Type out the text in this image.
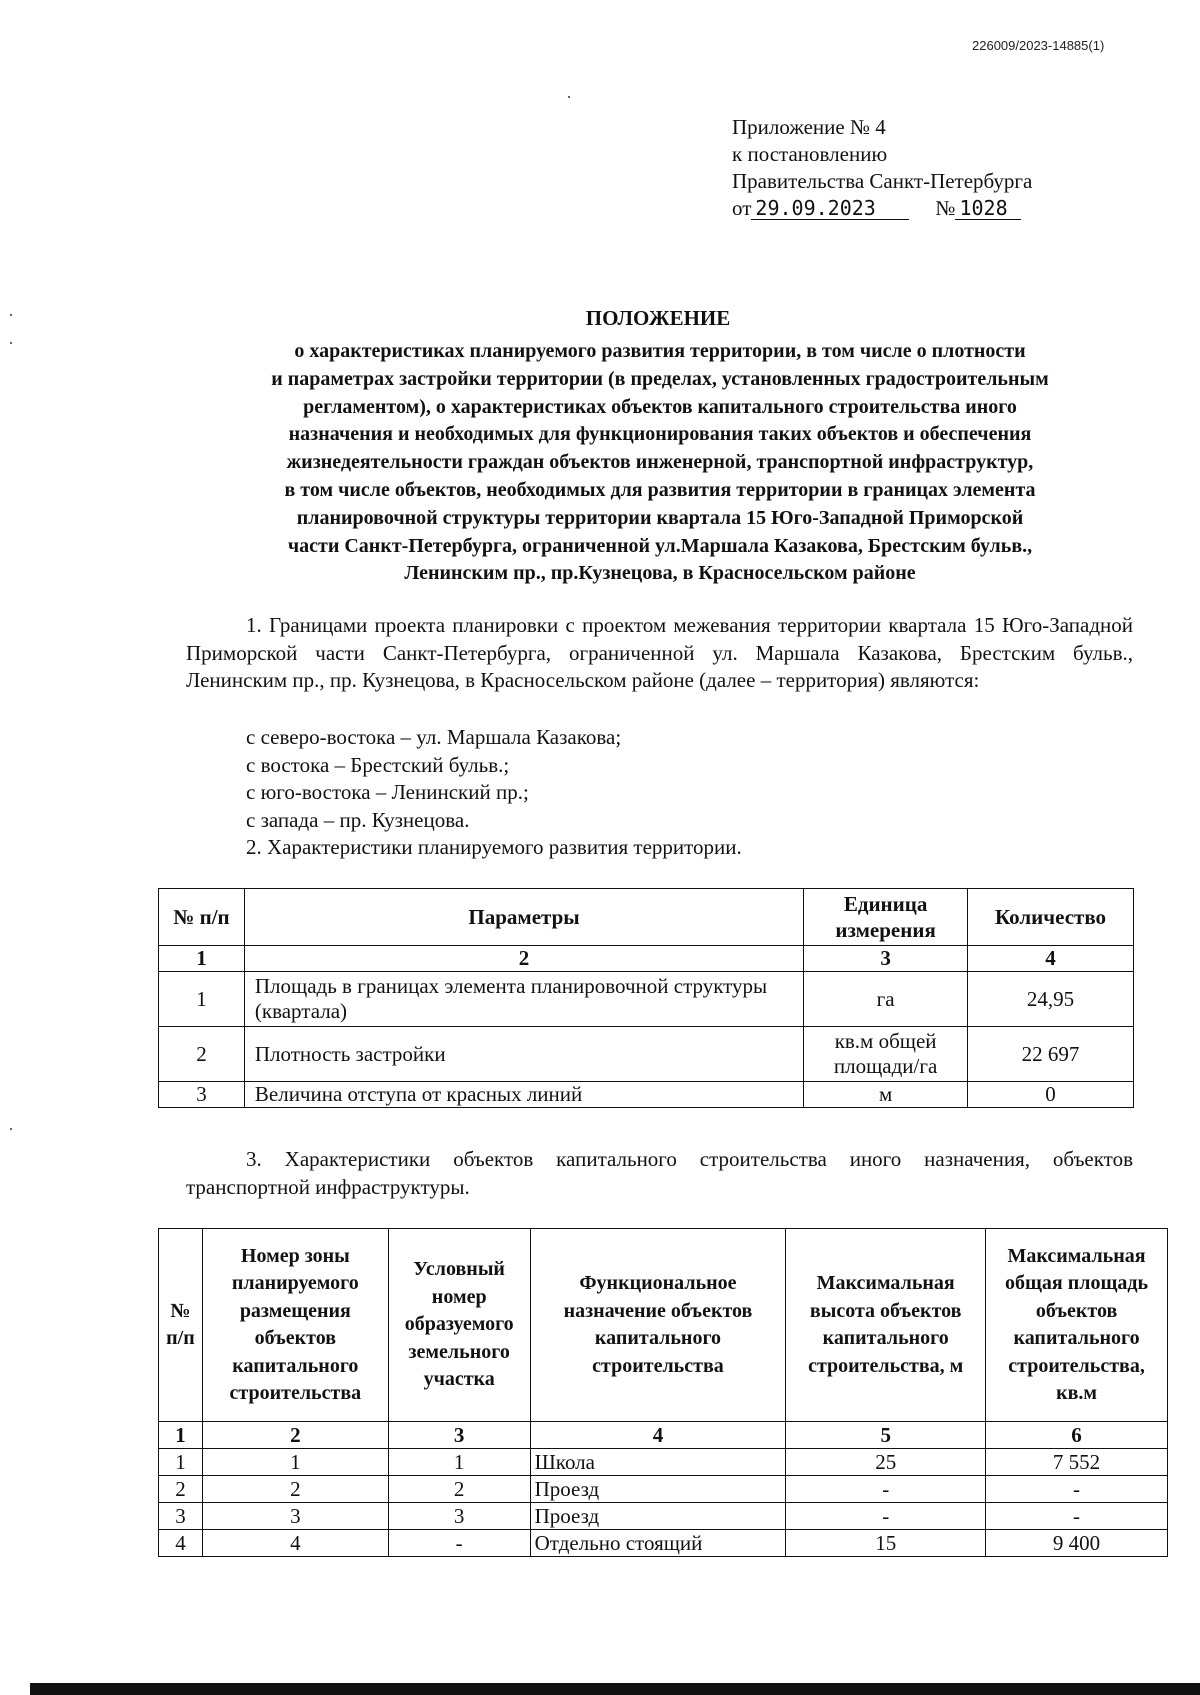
226009/2023-14885(1)
Приложение № 4
к постановлению
Правительства Санкт-Петербурга
от 29.09.2023	№ 1028
ПОЛОЖЕНИЕ
о характеристиках планируемого развития территории, в том числе о плотности
и параметрах застройки территории (в пределах, установленных градостроительным
регламентом), о характеристиках объектов капитального строительства иного
назначения и необходимых для функционирования таких объектов и обеспечения
жизнедеятельности граждан объектов инженерной, транспортной инфраструктур,
в том числе объектов, необходимых для развития территории в границах элемента
планировочной структуры территории квартала 15 Юго-Западной Приморской
части Санкт-Петербурга, ограниченной ул.Маршала Казакова, Брестским бульв.,
Ленинским пр., пр.Кузнецова, в Красносельском районе
1. Границами проекта планировки с проектом межевания территории квартала 15 Юго-Западной Приморской части Санкт-Петербурга, ограниченной ул. Маршала Казакова, Брестским бульв., Ленинским пр., пр. Кузнецова, в Красносельском районе (далее – территория) являются:
с северо-востока – ул. Маршала Казакова;
с востока – Брестский бульв.;
с юго-востока – Ленинский пр.;
с запада – пр. Кузнецова.
2. Характеристики планируемого развития территории.
№ п/п	Параметры	Единица измерения	Количество
1	2	3	4
1	Площадь в границах элемента планировочной структуры (квартала)	га	24,95
2	Плотность застройки	кв.м общей площади/га	22 697
3	Величина отступа от красных линий	м	0
3. Характеристики объектов капитального строительства иного назначения, объектов транспортной инфраструктуры.
№ п/п	Номер зоны планируемого размещения объектов капитального строительства	Условный номер образуемого земельного участка	Функциональное назначение объектов капитального строительства	Максимальная высота объектов капитального строительства, м	Максимальная общая площадь объектов капитального строительства, кв.м
1	2	3	4	5	6
1	1	1	Школа	25	7 552
2	2	2	Проезд	-	-
3	3	3	Проезд	-	-
4	4	-	Отдельно стоящий	15	9 400
